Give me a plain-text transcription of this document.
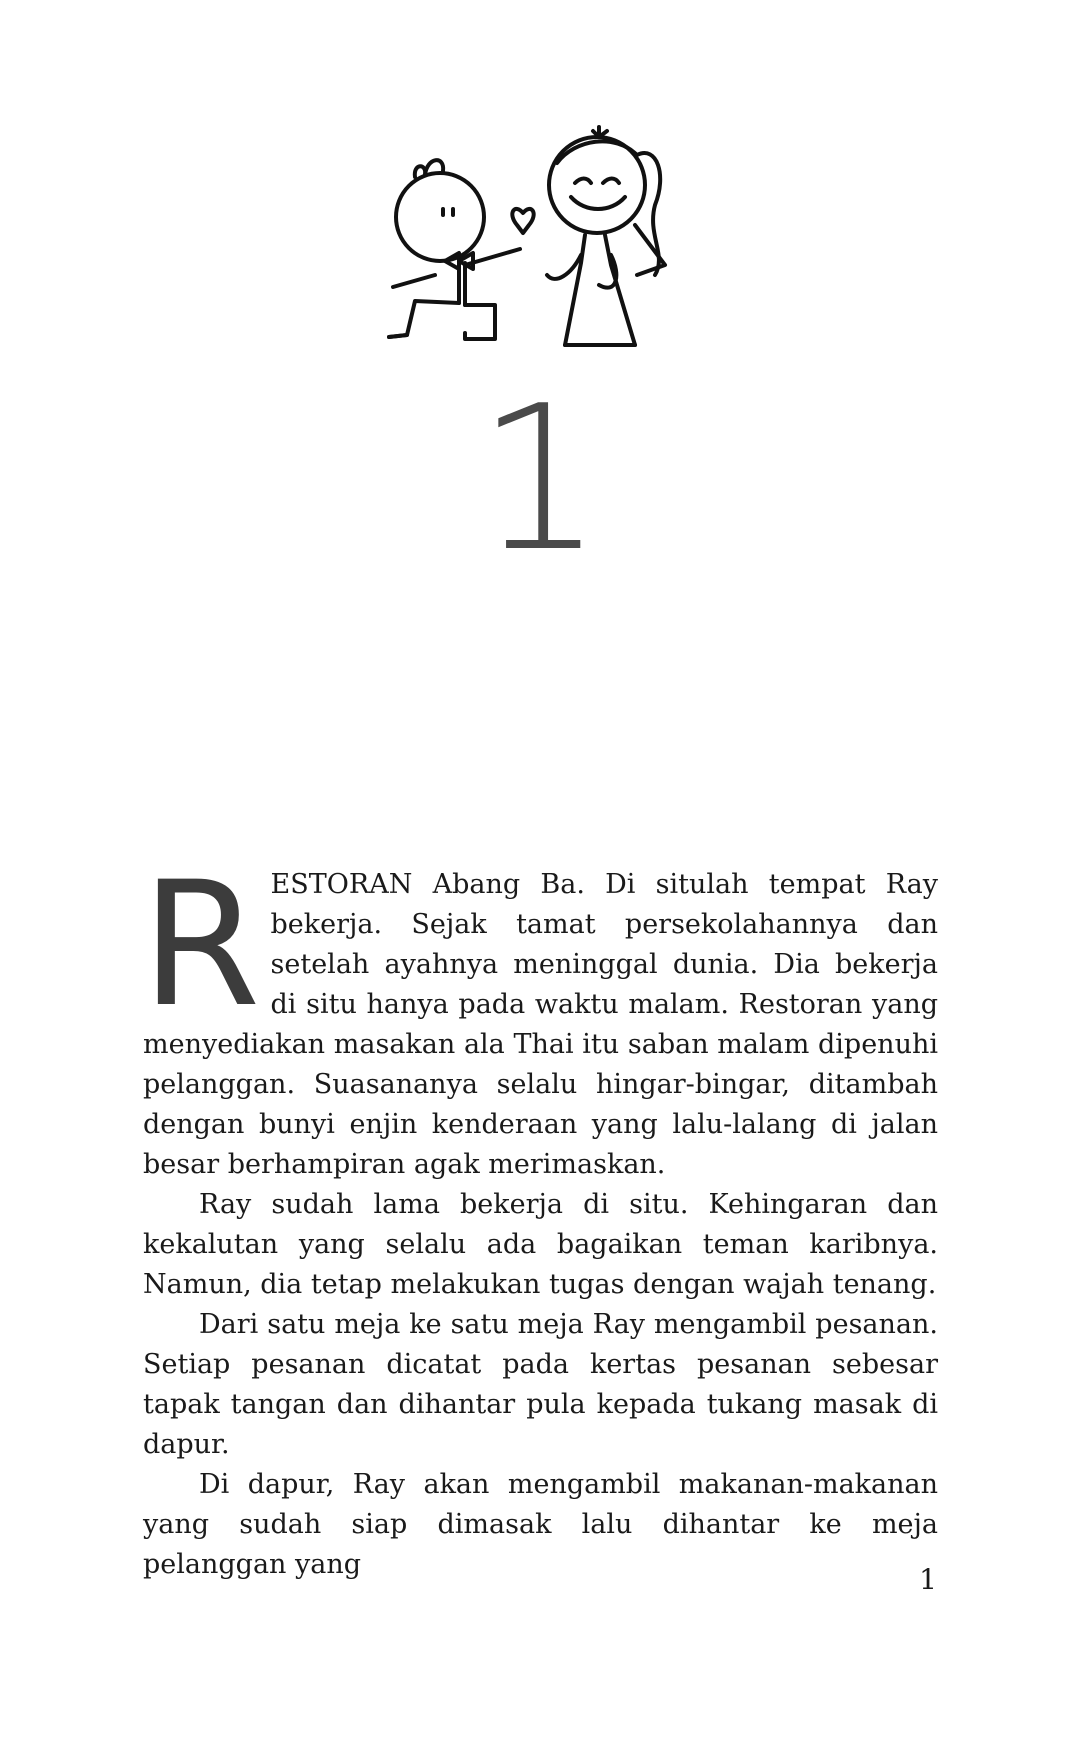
1

RESTORAN Abang Ba. Di situlah tempat Ray bekerja. Sejak tamat persekolahannya dan setelah ayahnya meninggal dunia. Dia bekerja di situ hanya pada waktu malam. Restoran yang menyediakan masakan ala Thai itu saban malam dipenuhi pelanggan. Suasananya selalu hingar-bingar, ditambah dengan bunyi enjin kenderaan yang lalu-lalang di jalan besar berhampiran agak merimaskan.

Ray sudah lama bekerja di situ. Kehingaran dan kekalutan yang selalu ada bagaikan teman karibnya. Namun, dia tetap melakukan tugas dengan wajah tenang.

Dari satu meja ke satu meja Ray mengambil pesanan. Setiap pesanan dicatat pada kertas pesanan sebesar tapak tangan dan dihantar pula kepada tukang masak di dapur.

Di dapur, Ray akan mengambil makanan-makanan yang sudah siap dimasak lalu dihantar ke meja pelanggan yang	1
